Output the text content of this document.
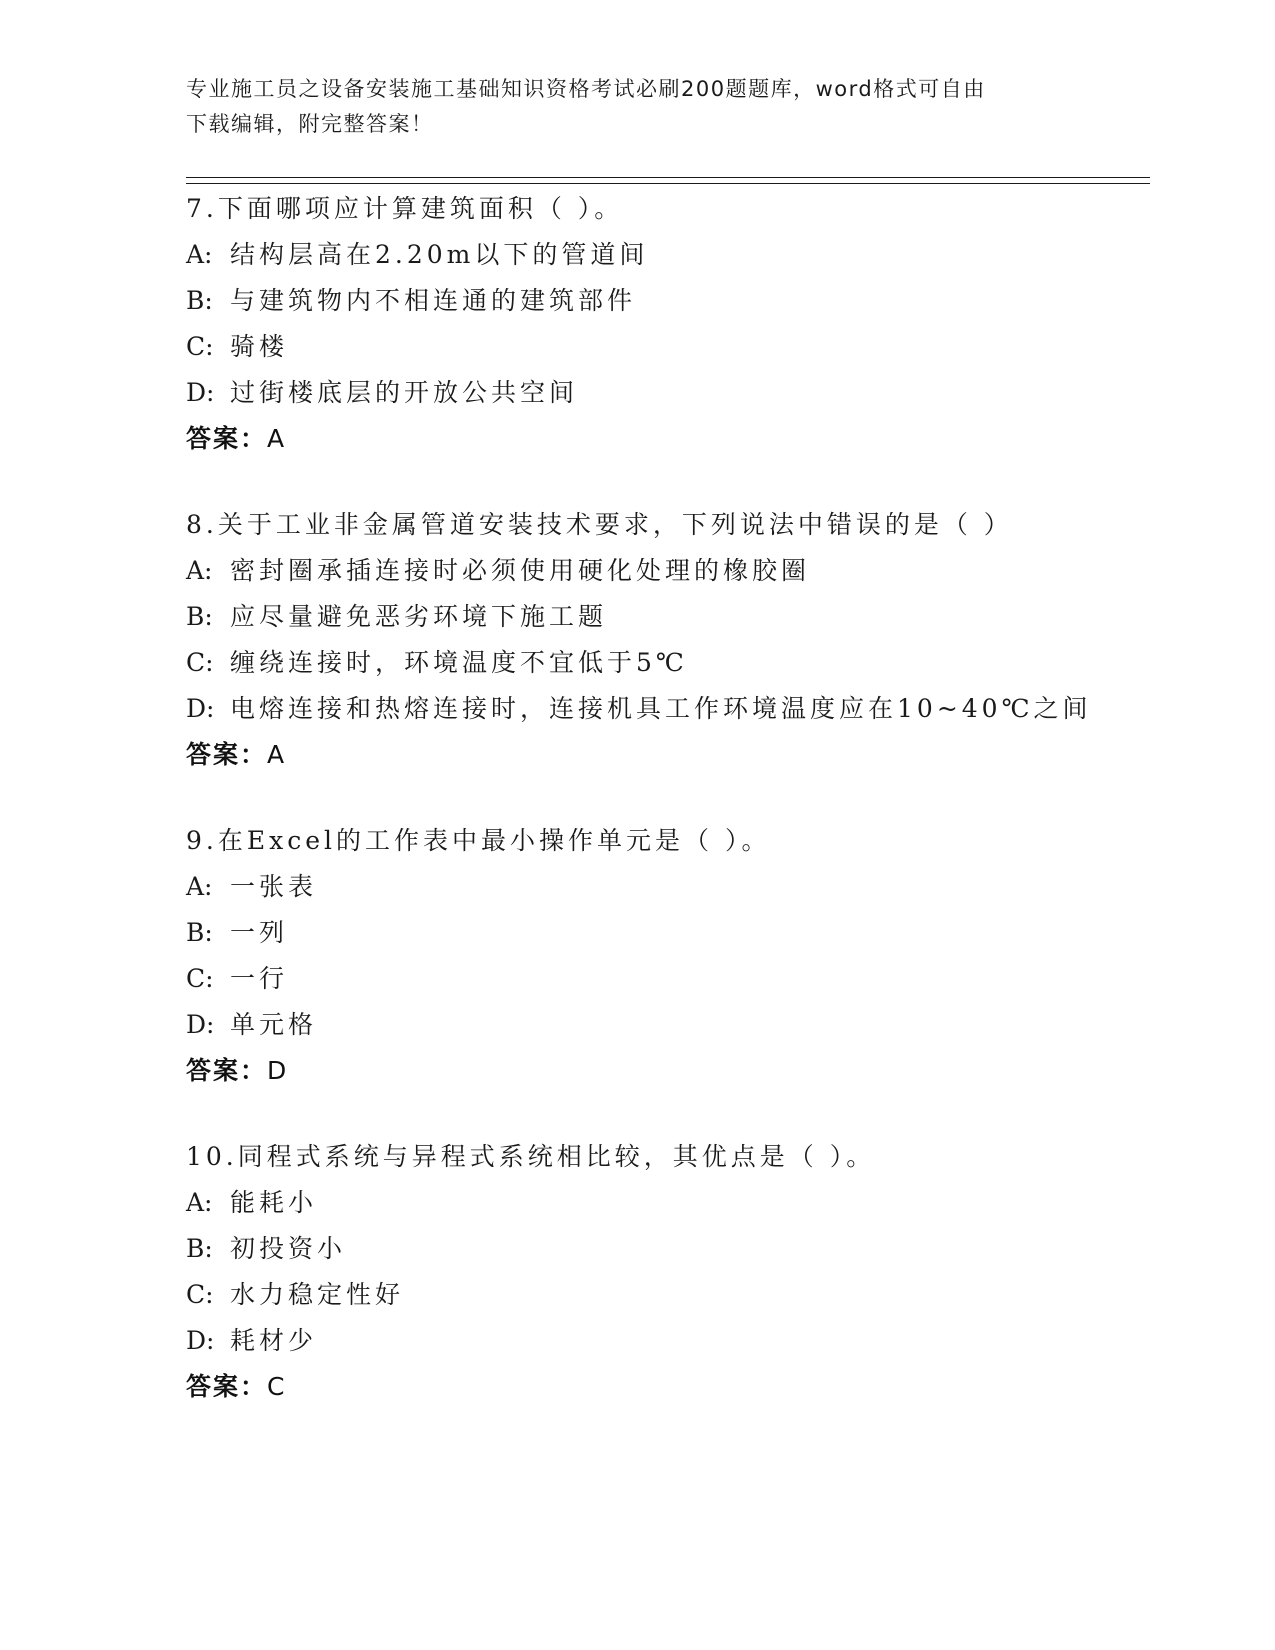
专业施工员之设备安装施工基础知识资格考试必刷200题题库，word格式可自由
下载编辑，附完整答案！
7.下面哪项应计算建筑面积（ ）。
A: 结构层高在2.20m以下的管道间
B: 与建筑物内不相连通的建筑部件
C: 骑楼
D: 过街楼底层的开放公共空间
答案：A
8.关于工业非金属管道安装技术要求，下列说法中错误的是（ ）
A: 密封圈承插连接时必须使用硬化处理的橡胶圈
B: 应尽量避免恶劣环境下施工题
C: 缠绕连接时，环境温度不宜低于5℃
D: 电熔连接和热熔连接时，连接机具工作环境温度应在10~40℃之间
答案：A
9.在Excel的工作表中最小操作单元是（ ）。
A: 一张表
B: 一列
C: 一行
D: 单元格
答案：D
10.同程式系统与异程式系统相比较，其优点是（ ）。
A: 能耗小
B: 初投资小
C: 水力稳定性好
D: 耗材少
答案：C
